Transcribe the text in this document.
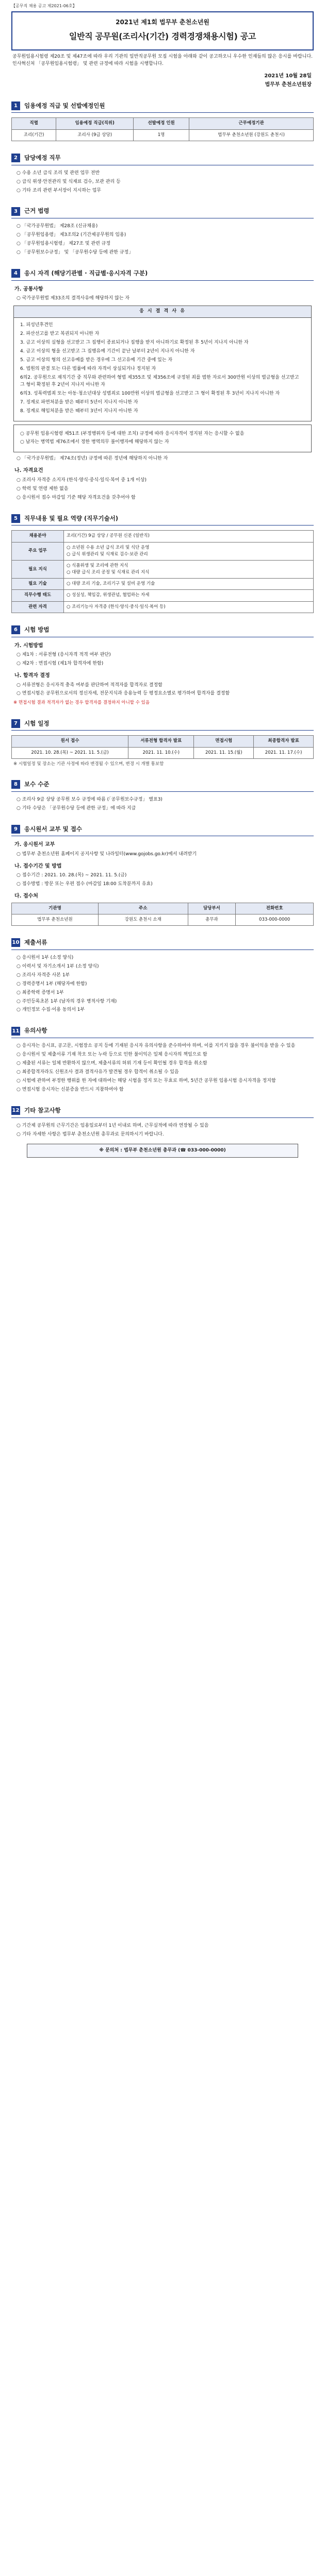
【공무직 채용 공고 제2021-06호】
2021년 제1회 법무부 춘천소년원
일반직 공무원(조리사(기간) 경력경쟁채용시험) 공고

공무원임용시험령 제20조 및 제47조에 따라 우리 기관의 일반직공무원 모집 시험을 아래와 같이 공고하오니 우수한 인재들의 많은 응시를 바랍니다. 인사혁신처 「공무원임용시험령」 및 관련 규정에 따라 시험을 시행합니다.

2021년 10월 28일
법무부 춘천소년원장
1	임용예정 직급 및 선발예정인원
직렬	임용예정 직급(직위)	선발예정 인원	근무예정기관
조리(기간)	조리사 (9급 상당)	1명	법무부 춘천소년원 (강원도 춘천시)
2	담당예정 직무

○ 수용 소년 급식 조리 및 관련 업무 전반

○ 급식 위생·안전관리 및 식재료 검수, 보관 관리 등

○ 기타 조리 관련 부서장이 지시하는 업무

3	근거 법령

○ 「국가공무원법」 제28조 (신규채용)

○ 「공무원임용령」 제3조의2 (기간제공무원의 임용)

○ 「공무원임용시험령」 제27조 및 관련 규정

○ 「공무원보수규정」 및 「공무원수당 등에 관한 규정」

4	응시 자격 (해당기관별 · 직급별·응시자격 구분)
가. 공통사항

○ 국가공무원법 제33조의 결격사유에 해당하지 않는 자

응 시 결 격 사 유
1. 피성년후견인
2. 파산선고를 받고 복권되지 아니한 자
3. 금고 이상의 실형을 선고받고 그 집행이 종료되거나 집행을 받지 아니하기로 확정된 후 5년이 지나지 아니한 자
4. 금고 이상의 형을 선고받고 그 집행유예 기간이 끝난 날부터 2년이 지나지 아니한 자
5. 금고 이상의 형의 선고유예를 받은 경우에 그 선고유예 기간 중에 있는 자
6. 법원의 판결 또는 다른 법률에 따라 자격이 상실되거나 정지된 자
6의2. 공무원으로 재직기간 중 직무와 관련하여 형법 제355조 및 제356조에 규정된 죄를 범한 자로서 300만원 이상의 벌금형을 선고받고 그 형이 확정된 후 2년이 지나지 아니한 자
6의3. 성폭력범죄 또는 아동·청소년대상 성범죄로 100만원 이상의 벌금형을 선고받고 그 형이 확정된 후 3년이 지나지 아니한 자
7. 징계로 파면처분을 받은 때부터 5년이 지나지 아니한 자
8. 징계로 해임처분을 받은 때부터 3년이 지나지 아니한 자
○ 공무원 임용시험령 제51조 (부정행위자 등에 대한 조치) 규정에 따라 응시자격이 정지된 자는 응시할 수 없음
○ 남자는 병역법 제76조에서 정한 병역의무 불이행자에 해당하지 않는 자

○ 「국가공무원법」 제74조(정년) 규정에 따른 정년에 해당하지 아니한 자

나. 자격요건

○ 조리사 자격증 소지자 (한식·양식·중식·일식·복어 중 1개 이상)

○ 학력 및 연령 제한 없음

○ 응시원서 접수 마감일 기준 해당 자격요건을 갖추어야 함

5	직무내용 및 필요 역량 (직무기술서)
채용분야	조리(기간) 9급 상당 / 공무원 신분 (일반직)
주요 업무	○ 소년원 수용 소년 급식 조리 및 식단 운영
○ 급식 위생관리 및 식재료 검수·보관 관리
필요 지식	○ 식품위생 및 조리에 관한 지식
○ 대량 급식 조리 공정 및 식재료 관리 지식
필요 기술	○ 대량 조리 기술, 조리기구 및 설비 운영 기술
직무수행 태도	○ 성실성, 책임감, 위생관념, 협업하는 자세
관련 자격	○ 조리기능사 자격증 (한식·양식·중식·일식·복어 등)
6	시험 방법
가. 시험방법

○ 제1차 : 서류전형 (응시자격 적격 여부 판단)

○ 제2차 : 면접시험 (제1차 합격자에 한함)

나. 합격자 결정

○ 서류전형은 응시자격 충족 여부를 판단하여 적격자를 합격자로 결정함

○ 면접시험은 공무원으로서의 정신자세, 전문지식과 응용능력 등 평정요소별로 평가하여 합격자를 결정함

※ 면접시험 결과 적격자가 없는 경우 합격자를 결정하지 아니할 수 있음
7	시험 일정
원서 접수	서류전형 합격자 발표	면접시험	최종합격자 발표
2021. 10. 28.(목) ~ 2021. 11. 5.(금)	2021. 11. 10.(수)	2021. 11. 15.(월)	2021. 11. 17.(수)
※ 시험일정 및 장소는 기관 사정에 따라 변경될 수 있으며, 변경 시 개별 통보함
8	보수 수준

○ 조리사 9급 상당 공무원 보수 규정에 따름 (「공무원보수규정」 별표3)

○ 기타 수당은 「공무원수당 등에 관한 규정」에 따라 지급

9	응시원서 교부 및 접수
가. 응시원서 교부

○ 법무부 춘천소년원 홈페이지 공지사항 및 나라일터(www.gojobs.go.kr)에서 내려받기

나. 접수기간 및 방법

○ 접수기간 : 2021. 10. 28.(목) ~ 2021. 11. 5.(금)

○ 접수방법 : 방문 또는 우편 접수 (마감일 18:00 도착분까지 유효)

다. 접수처
기관명	주소	담당부서	전화번호
법무부 춘천소년원	강원도 춘천시 소재	총무과	033-000-0000
10 제출서류

○ 응시원서 1부 (소정 양식)

○ 이력서 및 자기소개서 1부 (소정 양식)

○ 조리사 자격증 사본 1부

○ 경력증명서 1부 (해당자에 한함)

○ 최종학력 증명서 1부

○ 주민등록초본 1부 (남자의 경우 병적사항 기재)

○ 개인정보 수집·이용 동의서 1부

11 유의사항

○ 응시자는 응시표, 공고문, 시험장소 공지 등에 기재된 응시자 유의사항을 준수하여야 하며, 이를 지키지 않을 경우 불이익을 받을 수 있음

○ 응시원서 및 제출서류 기재 착오 또는 누락 등으로 인한 불이익은 일체 응시자의 책임으로 함

○ 제출된 서류는 일체 반환하지 않으며, 제출서류의 허위 기재 등이 확인될 경우 합격을 취소함

○ 최종합격자라도 신원조사 결과 결격사유가 발견될 경우 합격이 취소될 수 있음

○ 시험에 관하여 부정한 행위를 한 자에 대하여는 해당 시험을 정지 또는 무효로 하며, 5년간 공무원 임용시험 응시자격을 정지함

○ 면접시험 응시자는 신분증을 반드시 지참하여야 함

12 기타 참고사항

○ 기간제 공무원의 근무기간은 임용일로부터 1년 이내로 하며, 근무실적에 따라 연장될 수 있음

○ 기타 자세한 사항은 법무부 춘천소년원 총무과로 문의하시기 바랍니다.

※ 문의처 : 법무부 춘천소년원 총무과 (☎ 033-000-0000)
